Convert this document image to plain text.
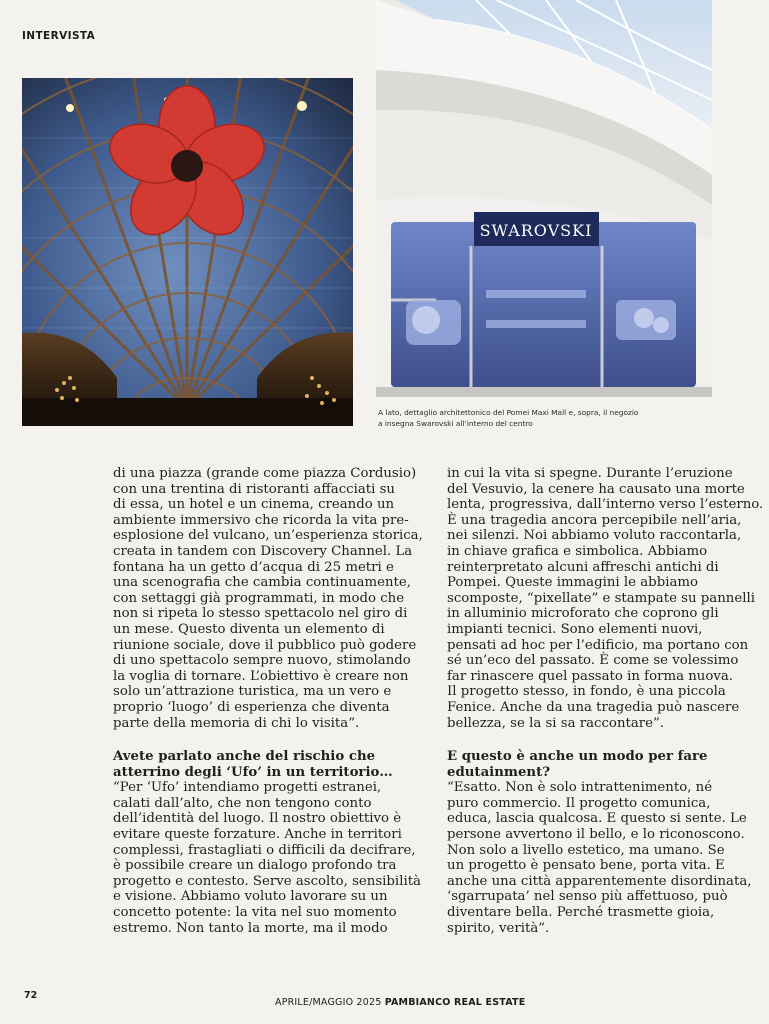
INTERVISTA
SWAROVSKI

A lato, dettaglio architettonico del Pomei Maxi Mall e, sopra, il negozio

a insegna Swarovski all’interno del centro

di una piazza (grande come piazza Cordusio)

con una trentina di ristoranti affacciati su

di essa, un hotel e un cinema, creando un

ambiente immersivo che ricorda la vita pre-

esplosione del vulcano, un’esperienza storica,

creata in tandem con Discovery Channel. La

fontana ha un getto d’acqua di 25 metri e

una scenografia che cambia continuamente,

con settaggi già programmati, in modo che

non si ripeta lo stesso spettacolo nel giro di

un mese. Questo diventa un elemento di

riunione sociale, dove il pubblico può godere

di uno spettacolo sempre nuovo, stimolando

la voglia di tornare. L’obiettivo è creare non

solo un’attrazione turistica, ma un vero e

proprio ‘luogo’ di esperienza che diventa

parte della memoria di chi lo visita”.

Avete parlato anche del rischio che

atterrino degli ‘Ufo’ in un territorio…

“Per ‘Ufo’ intendiamo progetti estranei,

calati dall’alto, che non tengono conto

dell’identità del luogo. Il nostro obiettivo è

evitare queste forzature. Anche in territori

complessi, frastagliati o difficili da decifrare,

è possibile creare un dialogo profondo tra

progetto e contesto. Serve ascolto, sensibilità

e visione. Abbiamo voluto lavorare su un

concetto potente: la vita nel suo momento

estremo. Non tanto la morte, ma il modo

in cui la vita si spegne. Durante l’eruzione

del Vesuvio, la cenere ha causato una morte

lenta, progressiva, dall’interno verso l’esterno.

È una tragedia ancora percepibile nell’aria,

nei silenzi. Noi abbiamo voluto raccontarla,

in chiave grafica e simbolica. Abbiamo

reinterpretato alcuni affreschi antichi di

Pompei. Queste immagini le abbiamo

scomposte, “pixellate” e stampate su pannelli

in alluminio microforato che coprono gli

impianti tecnici. Sono elementi nuovi,

pensati ad hoc per l’edificio, ma portano con

sé un’eco del passato. È come se volessimo

far rinascere quel passato in forma nuova.

Il progetto stesso, in fondo, è una piccola

Fenice. Anche da una tragedia può nascere

bellezza, se la si sa raccontare”.

E questo è anche un modo per fare

edutainment?

“Esatto. Non è solo intrattenimento, né

puro commercio. Il progetto comunica,

educa, lascia qualcosa. E questo si sente. Le

persone avvertono il bello, e lo riconoscono.

Non solo a livello estetico, ma umano. Se

un progetto è pensato bene, porta vita. E

anche una città apparentemente disordinata,

‘sgarrupata’ nel senso più affettuoso, può

diventare bella. Perché trasmette gioia,

spirito, verità”.

72
APRILE/MAGGIO 2025 PAMBIANCO REAL ESTATE
